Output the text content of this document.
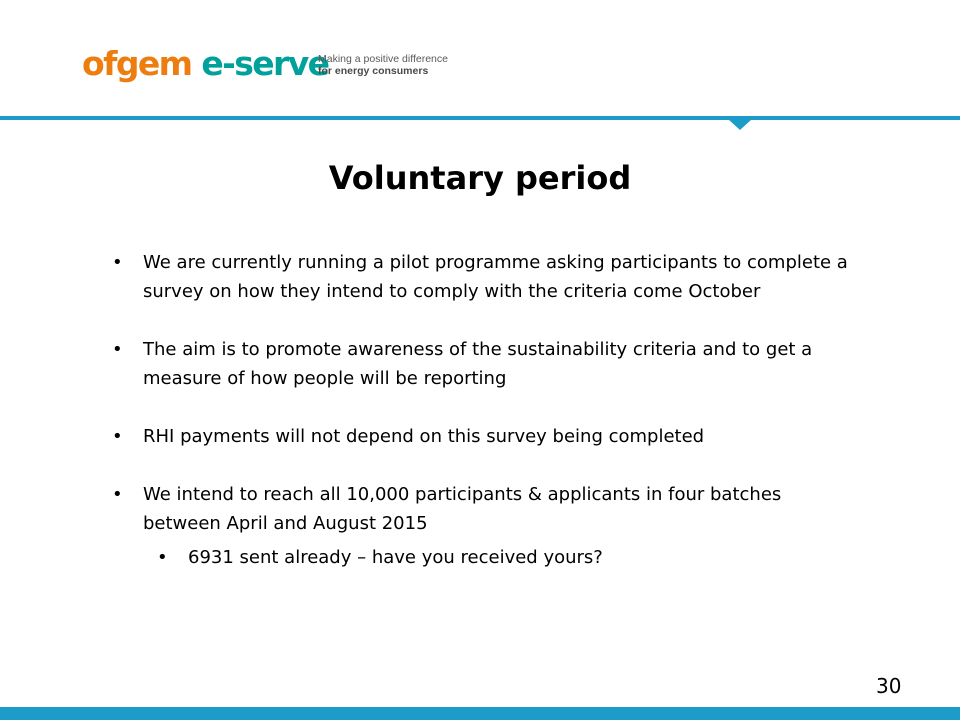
ofgem e-serve
Making a positive difference
for energy consumers
Voluntary period
• We are currently running a pilot programme asking participants to complete a survey on how they intend to comply with the criteria come October
• The aim is to promote awareness of the sustainability criteria and to get a measure of how people will be reporting
• RHI payments will not depend on this survey being completed
• We intend to reach all 10,000 participants & applicants in four batches between April and August 2015
• 6931 sent already – have you received yours?
30
